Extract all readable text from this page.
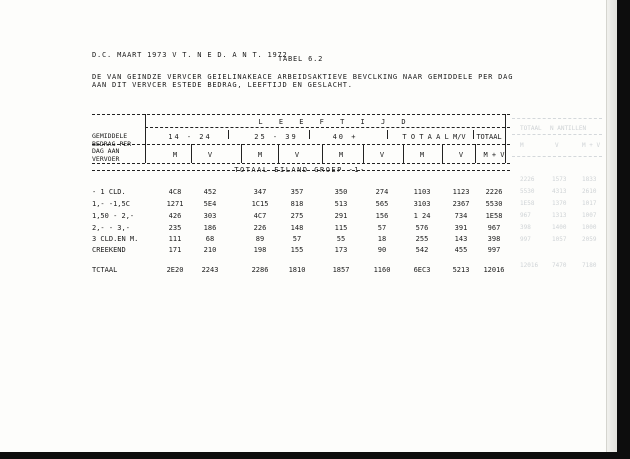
TOTAAL N ANTILLEN
M	V	M + V
2226	1573	1833
5530	4313	2610
1E58	1370	1017
967	1313	1007
398	1400	1000
997	1057	2059
12016 7470	7180
D.C. MAART 1973 V T. N E D. A N T. 1972
TABEL 6.2
DE VAN GEINDZE VERVCER GEIELINAKEACE ARBEIDSAKTIEVE BEVCLKING NAAR GEMIDDELE PER DAG
AAN DIT VERVCER ESTEDE BEDRAG, LEEFTIJD EN GESLACHT.
GEMIDDELE
BEDRAG PER
DAG AAN
VERVOER
L E E F T I J D
14 - 24	25 - 39	40 +	T O T A A L M/V	TOTAAL
M	V	M	V	M	V	M	V	M + V
TOTAAL EILAND GROEP -1-
- 1 CLD.	4C8	452	347	357	350	274	1103	1123	2226
1,- -1,5C	1271	5E4	1C15	818	513	565	3103	2367	5530
1,50 - 2,-	426	303	4C7	275	291	156	1 24	734	1E58
2,- - 3,-	235	186	226	148	115	57	576	391	967
3 CLD.EN M.	111	68	89	57	55	18	255	143	398
CREEKEND	171	210	198	155	173	90	542	455	997
TCTAAL	2E20	2243	2286	1810	1857	1160	6EC3	5213	12016
